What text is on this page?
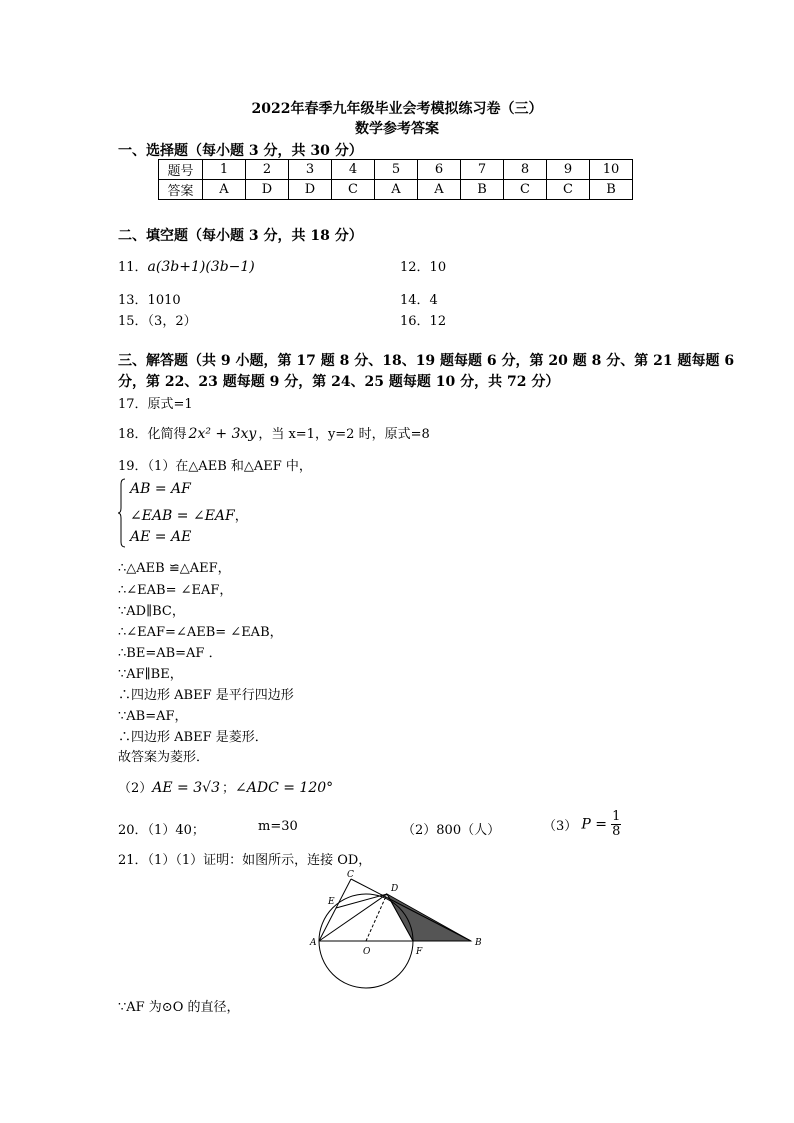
2022年春季九年级毕业会考模拟练习卷（三）
数学参考答案
一、选择题（每小题 3 分，共 30 分）
题号	1	2	3	4	5	6	7	8	9	10
答案	A	D	D	C	A	A	B	C	C	B
二、填空题（每小题 3 分，共 18 分）
11．a(3b+1)(3b−1)	12．10
13．1010	14．4
15．（3，2）	16．12
三、解答题（共 9 小题，第 17 题 8 分、18、19 题每题 6 分，第 20 题 8 分、第 21 题每题 6
分，第 22、23 题每题 9 分，第 24、25 题每题 10 分，共 72 分）
17．原式=1
18．化简得 2x² + 3xy ，当 x=1，y=2 时，原式=8
19．（1）在△AEB 和△AEF 中，
AB = AF
∠EAB = ∠EAF，
AE = AE
∴△AEB ≌△AEF，
∴∠EAB= ∠EAF，
∵AD∥BC，
∴∠EAF=∠AEB= ∠EAB，
∴BE=AB=AF ．
∵AF∥BE，
∴四边形 ABEF 是平行四边形
∵AB=AF，
∴四边形 ABEF 是菱形．
故答案为菱形．
（2）AE = 3√3 ；∠ADC = 120°
20．（1）40；	m=30	（2）800（人）	（3） $P = \frac{1}{8}$
21．（1）（1）证明：如图所示，连接 OD，
C
D
E
A
O	F
B
∵AF 为⊙O 的直径，
